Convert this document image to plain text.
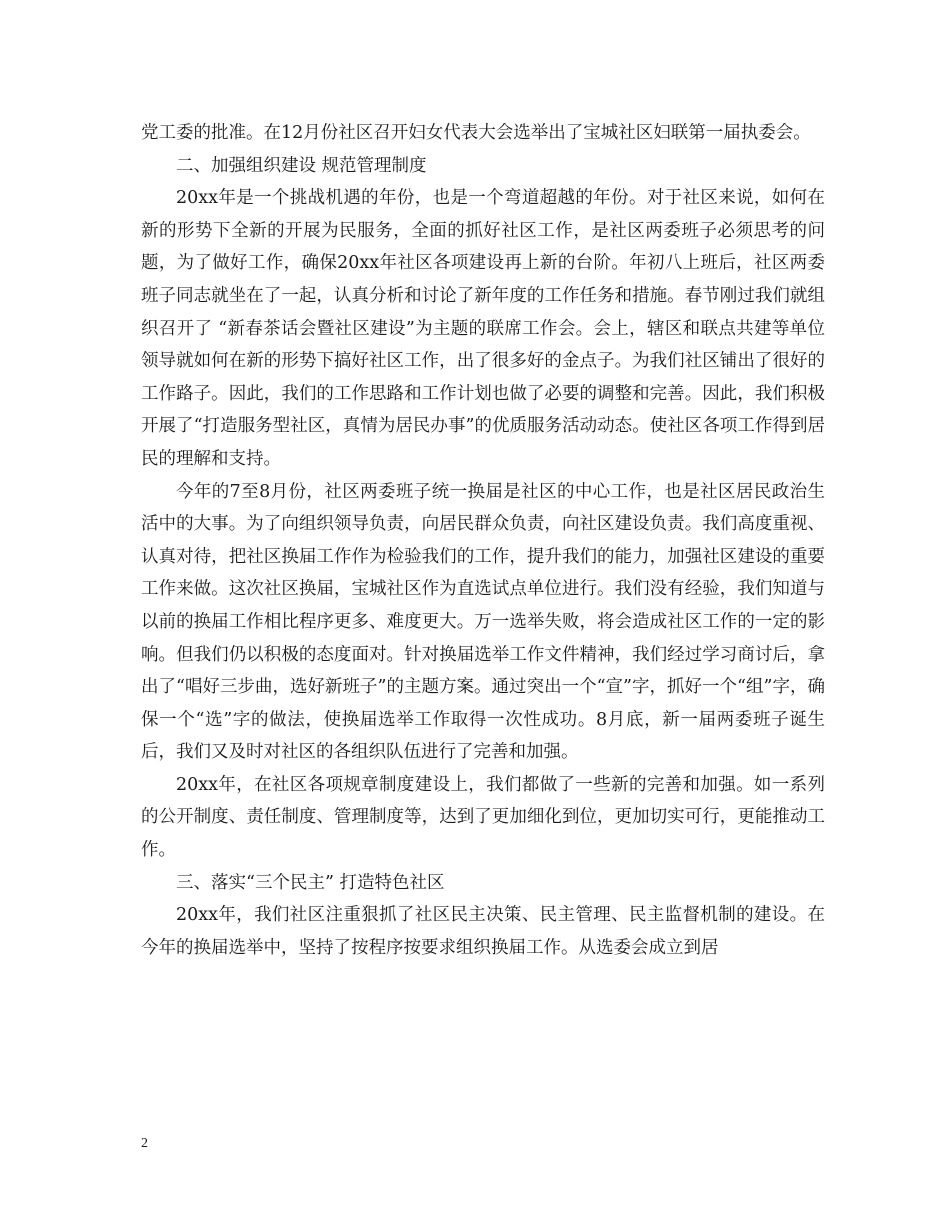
党工委的批准。在12月份社区召开妇女代表大会选举出了宝城社区妇联第一届执委会。

二、加强组织建设 规范管理制度

20xx年是一个挑战机遇的年份，也是一个弯道超越的年份。对于社区来说，如何在新的形势下全新的开展为民服务，全面的抓好社区工作，是社区两委班子必须思考的问题，为了做好工作，确保20xx年社区各项建设再上新的台阶。年初八上班后，社区两委班子同志就坐在了一起，认真分析和讨论了新年度的工作任务和措施。春节刚过我们就组织召开了 “新春茶话会暨社区建设”为主题的联席工作会。会上，辖区和联点共建等单位领导就如何在新的形势下搞好社区工作，出了很多好的金点子。为我们社区铺出了很好的工作路子。因此，我们的工作思路和工作计划也做了必要的调整和完善。因此，我们积极开展了“打造服务型社区，真情为居民办事”的优质服务活动动态。使社区各项工作得到居民的理解和支持。

今年的7至8月份，社区两委班子统一换届是社区的中心工作，也是社区居民政治生活中的大事。为了向组织领导负责，向居民群众负责，向社区建设负责。我们高度重视、认真对待，把社区换届工作作为检验我们的工作，提升我们的能力，加强社区建设的重要工作来做。这次社区换届，宝城社区作为直选试点单位进行。我们没有经验，我们知道与以前的换届工作相比程序更多、难度更大。万一选举失败，将会造成社区工作的一定的影响。但我们仍以积极的态度面对。针对换届选举工作文件精神，我们经过学习商讨后，拿出了“唱好三步曲，选好新班子”的主题方案。通过突出一个“宣”字，抓好一个“组”字，确保一个“选”字的做法，使换届选举工作取得一次性成功。8月底，新一届两委班子诞生后，我们又及时对社区的各组织队伍进行了完善和加强。

20xx年，在社区各项规章制度建设上，我们都做了一些新的完善和加强。如一系列的公开制度、责任制度、管理制度等，达到了更加细化到位，更加切实可行，更能推动工作。

三、落实“三个民主” 打造特色社区

20xx年，我们社区注重狠抓了社区民主决策、民主管理、民主监督机制的建设。在今年的换届选举中，坚持了按程序按要求组织换届工作。从选委会成立到居

2
